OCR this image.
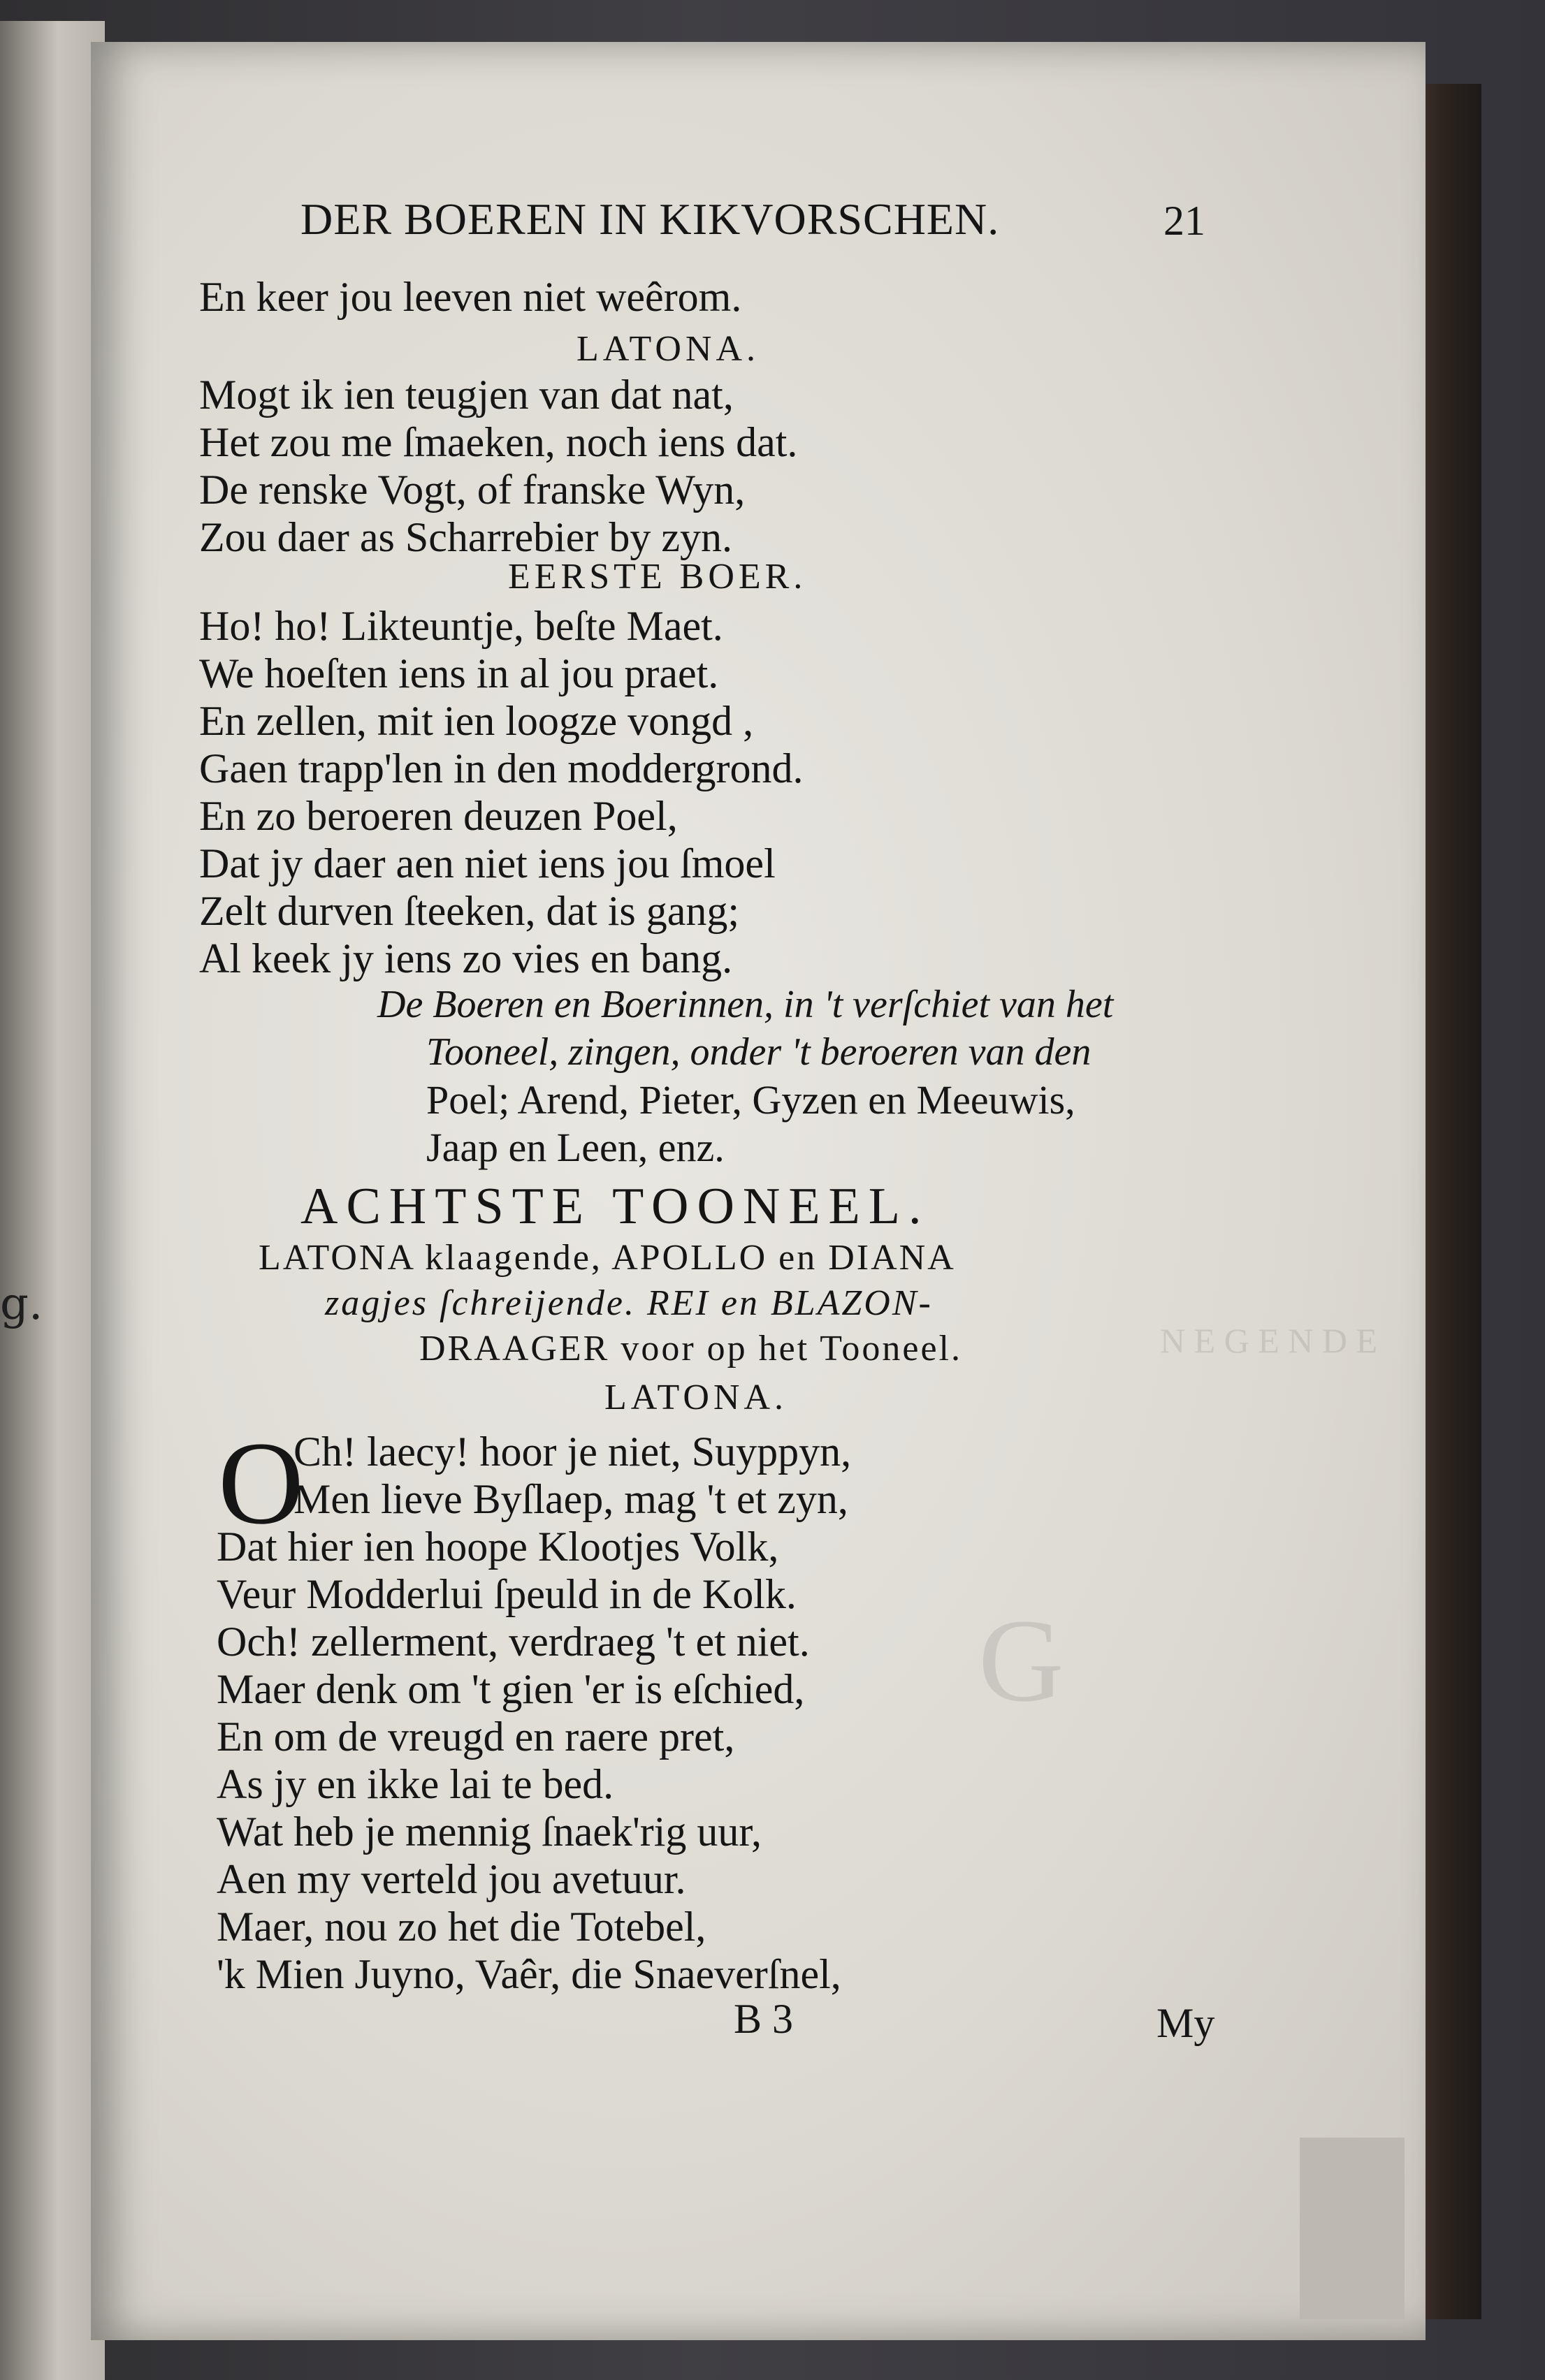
g.
N E G E N D E
G
DER BOEREN IN KIKVORSCHEN.	21
En keer jou leeven niet weêrom.
LATONA.
Mogt ik ien teugjen van dat nat,
Het zou me ſmaeken, noch iens dat.
De renske Vogt, of franske Wyn,
Zou daer as Scharrebier by zyn.
EERSTE BOER.
Ho! ho! Likteuntje, beſte Maet.
We hoeſten iens in al jou praet.
En zellen, mit ien loogze vongd ,
Gaen trapp'len in den moddergrond.
En zo beroeren deuzen Poel,
Dat jy daer aen niet iens jou ſmoel
Zelt durven ſteeken, dat is gang;
Al keek jy iens zo vies en bang.
De Boeren en Boerinnen, in 't verſchiet van het
Tooneel, zingen, onder 't beroeren van den
Poel; Arend, Pieter, Gyzen en Meeuwis,
Jaap en Leen, enz.
ACHTSTE TOONEEL.
LATONA klaagende, APOLLO en DIANA
zagjes ſchreijende. REI en BLAZON-
DRAAGER voor op het Tooneel.
LATONA.
O
Ch! laecy! hoor je niet, Suyppyn,
Men lieve Byſlaep, mag 't et zyn,
Dat hier ien hoope Klootjes Volk,
Veur Modderlui ſpeuld in de Kolk.
Och! zellerment, verdraeg 't et niet.
Maer denk om 't gien 'er is eſchied,
En om de vreugd en raere pret,
As jy en ikke lai te bed.
Wat heb je mennig ſnaek'rig uur,
Aen my verteld jou avetuur.
Maer, nou zo het die Totebel,
'k Mien Juyno, Vaêr, die Snaeverſnel,
B 3	My
